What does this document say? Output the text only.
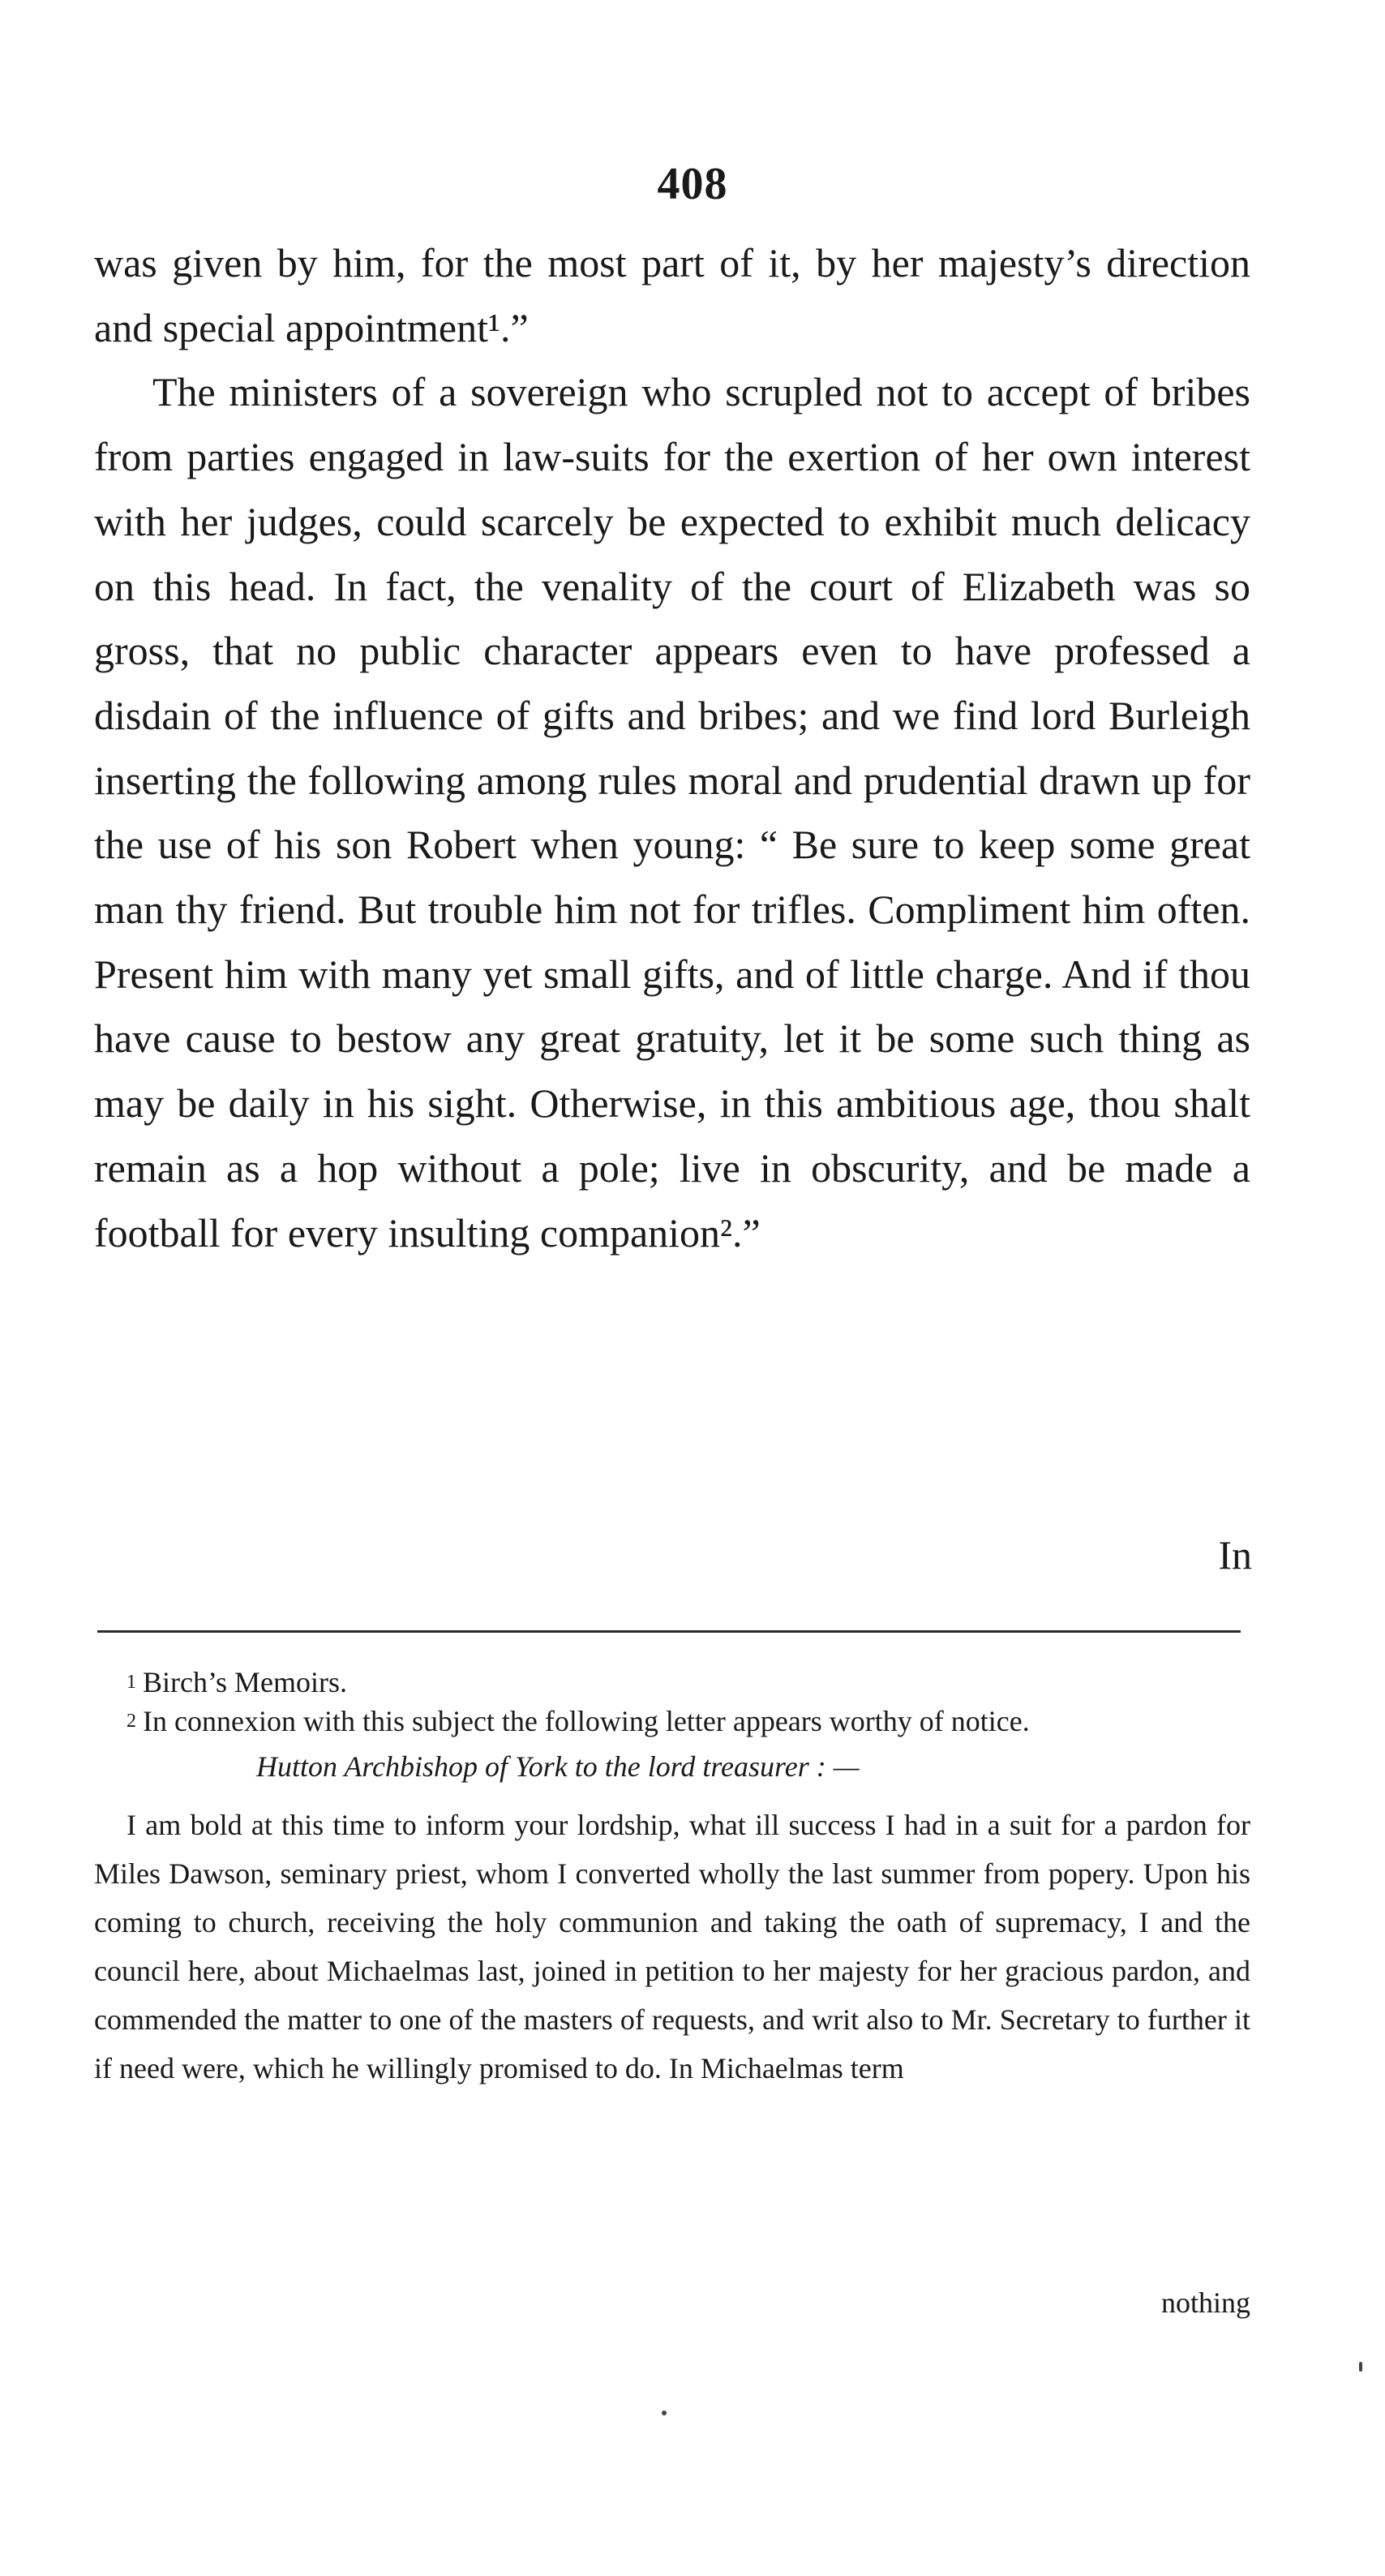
408

was given by him, for the most part of it, by her majesty’s direction and special appointment¹.”

The ministers of a sovereign who scrupled not to accept of bribes from parties engaged in law-suits for the exertion of her own interest with her judges, could scarcely be expected to exhibit much delicacy on this head. In fact, the venality of the court of Elizabeth was so gross, that no public character appears even to have professed a disdain of the influence of gifts and bribes; and we find lord Burleigh inserting the following among rules moral and prudential drawn up for the use of his son Robert when young: “ Be sure to keep some great man thy friend. But trouble him not for trifles. Compliment him often. Present him with many yet small gifts, and of little charge. And if thou have cause to bestow any great gratuity, let it be some such thing as may be daily in his sight. Otherwise, in this ambitious age, thou shalt remain as a hop without a pole; live in obscurity, and be made a football for every insulting companion².”

In

$^1$ Birch’s Memoirs.

$^2$ In connexion with this subject the following letter appears worthy of notice.

Hutton Archbishop of York to the lord treasurer : —

I am bold at this time to inform your lordship, what ill success I had in a suit for a pardon for Miles Dawson, seminary priest, whom I converted wholly the last summer from popery. Upon his coming to church, receiving the holy communion and taking the oath of supremacy, I and the council here, about Michaelmas last, joined in petition to her majesty for her gracious pardon, and commended the matter to one of the masters of requests, and writ also to Mr. Secretary to further it if need were, which he willingly promised to do. In Michaelmas term

nothing
